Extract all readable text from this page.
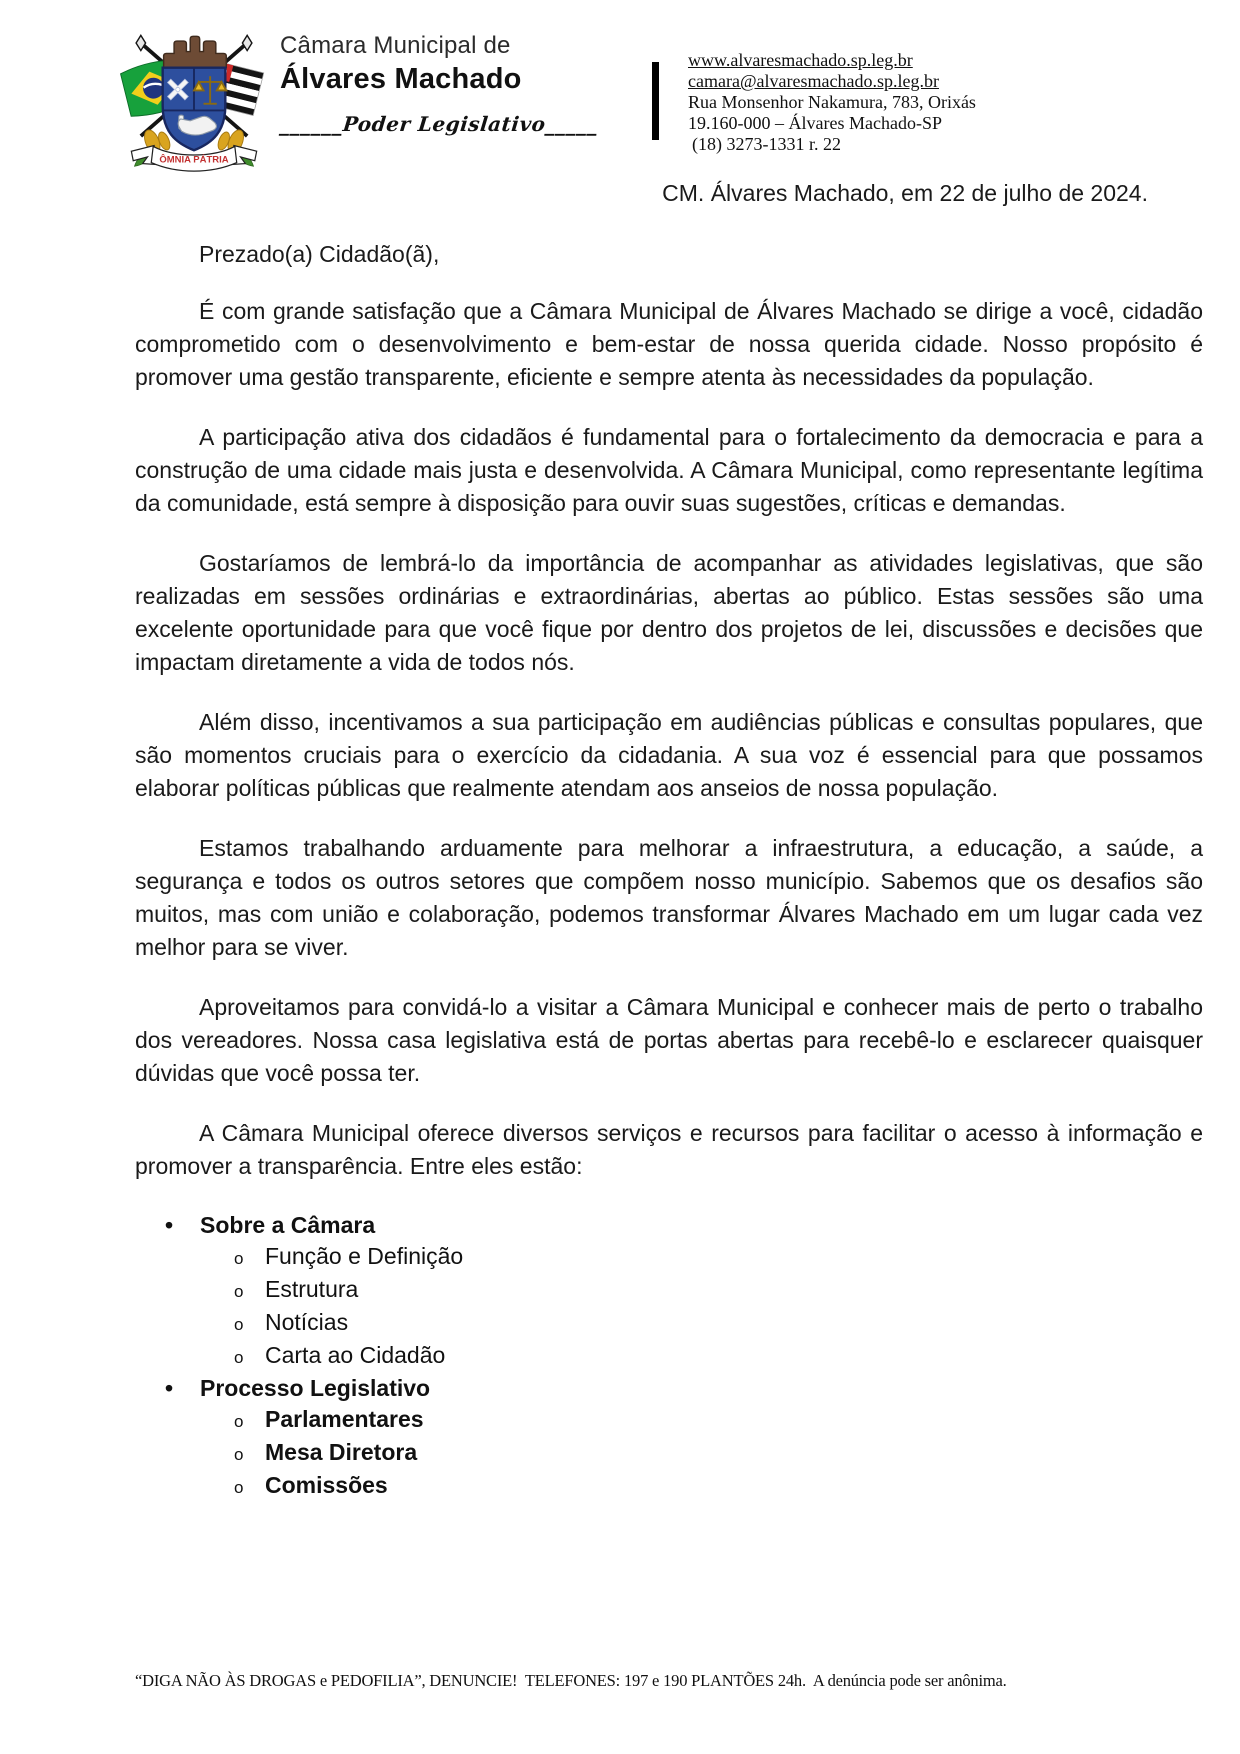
ÔMNIA PÁTRIA
Câmara Municipal de
Álvares Machado
______Poder Legislativo_____
www.alvaresmachado.sp.leg.br
camara@alvaresmachado.sp.leg.br
Rua Monsenhor Nakamura, 783, Orixás
19.160-000 – Álvares Machado-SP
(18) 3273-1331 r. 22
CM. Álvares Machado, em 22 de julho de 2024.

Prezado(a) Cidadão(ã),

É com grande satisfação que a Câmara Municipal de Álvares Machado se dirige a você, cidadão comprometido com o desenvolvimento e bem-estar de nossa querida cidade. Nosso propósito é promover uma gestão transparente, eficiente e sempre atenta às necessidades da população.

A participação ativa dos cidadãos é fundamental para o fortalecimento da democracia e para a construção de uma cidade mais justa e desenvolvida. A Câmara Municipal, como representante legítima da comunidade, está sempre à disposição para ouvir suas sugestões, críticas e demandas.

Gostaríamos de lembrá-lo da importância de acompanhar as atividades legislativas, que são realizadas em sessões ordinárias e extraordinárias, abertas ao público. Estas sessões são uma excelente oportunidade para que você fique por dentro dos projetos de lei, discussões e decisões que impactam diretamente a vida de todos nós.

Além disso, incentivamos a sua participação em audiências públicas e consultas populares, que são momentos cruciais para o exercício da cidadania. A sua voz é essencial para que possamos elaborar políticas públicas que realmente atendam aos anseios de nossa população.

Estamos trabalhando arduamente para melhorar a infraestrutura, a educação, a saúde, a segurança e todos os outros setores que compõem nosso município. Sabemos que os desafios são muitos, mas com união e colaboração, podemos transformar Álvares Machado em um lugar cada vez melhor para se viver.

Aproveitamos para convidá-lo a visitar a Câmara Municipal e conhecer mais de perto o trabalho dos vereadores. Nossa casa legislativa está de portas abertas para recebê-lo e esclarecer quaisquer dúvidas que você possa ter.

A Câmara Municipal oferece diversos serviços e recursos para facilitar o acesso à informação e promover a transparência. Entre eles estão:

•	Sobre a Câmara
o Função e Definição
o Estrutura
o Notícias
o Carta ao Cidadão
•	Processo Legislativo
o Parlamentares
o Mesa Diretora
o Comissões
“DIGA NÃO ÀS DROGAS e PEDOFILIA”, DENUNCIE!  TELEFONES: 197 e 190 PLANTÕES 24h.  A denúncia pode ser anônima.
